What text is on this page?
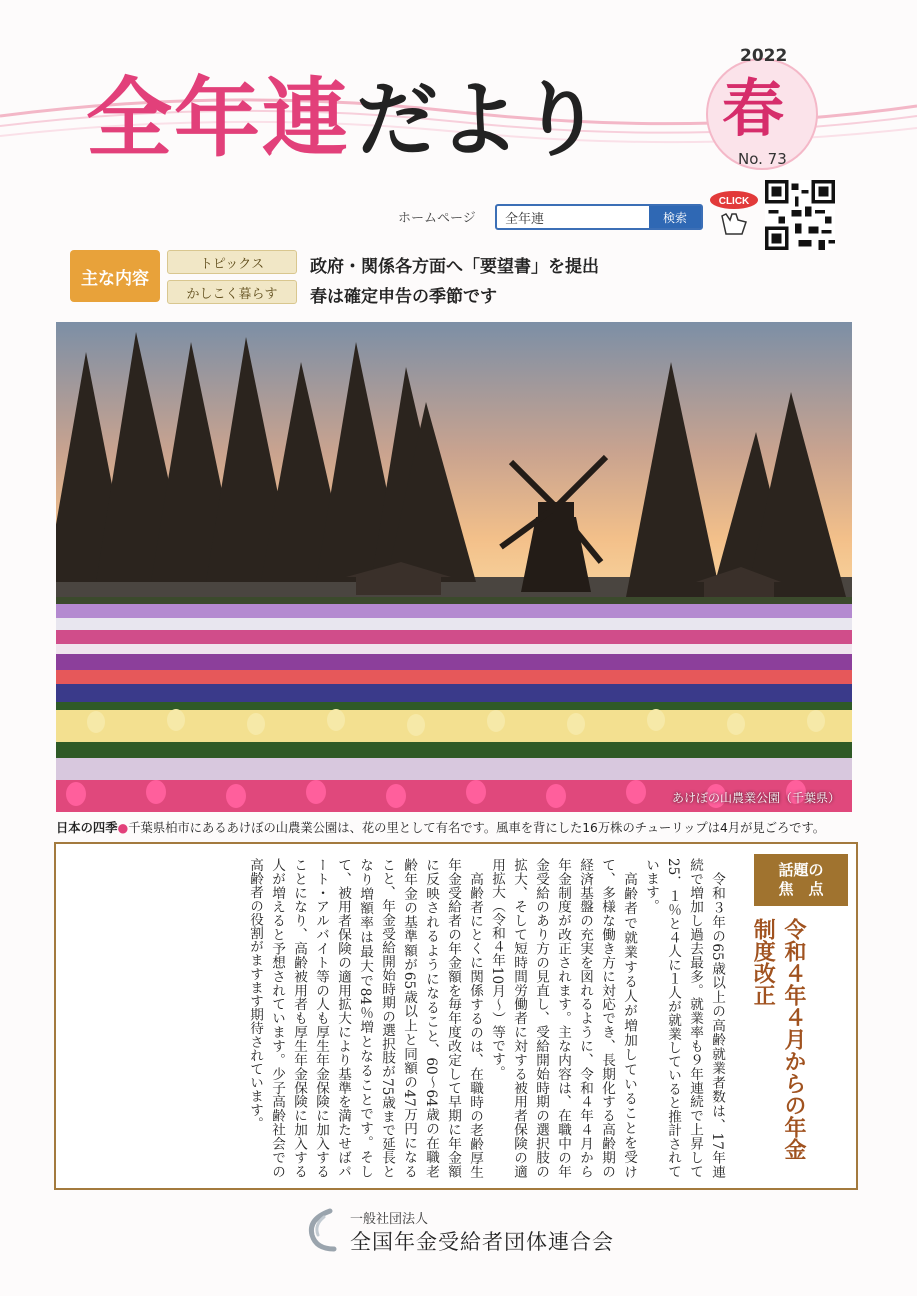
全年連 だより
2022
春
No. 73
ホームページ	全年連	検索
CLICK
主な内容
トピックス
かしこく暮らす
政府・関係各方面へ「要望書」を提出
春は確定申告の季節です
あけぼの山農業公園（千葉県）
日本の四季●千葉県柏市にあるあけぼの山農業公園は、花の里として有名です。風車を背にした16万株のチューリップは4月が見ごろです。
話題の
焦　点
令和４年４月からの年金制度改正

令和３年の65歳以上の高齢就業者数は、17年連続で増加し過去最多。就業率も９年連続で上昇して25．１％と４人に１人が就業していると推計されています。

高齢者で就業する人が増加していることを受けて、多様な働き方に対応でき、長期化する高齢期の経済基盤の充実を図れるように、令和４年４月から年金制度が改正されます。主な内容は、在職中の年金受給のあり方の見直し、受給開始時期の選択肢の拡大、そして短時間労働者に対する被用者保険の適用拡大（令和４年10月～）等です。

高齢者にとくに関係するのは、在職時の老齢厚生年金受給者の年金額を毎年度改定して早期に年金額に反映されるようになること、60～64歳の在職老齢年金の基準額が65歳以上と同額の47万円になること、年金受給開始時期の選択肢が75歳まで延長となり増額率は最大で84％増となることです。そして、被用者保険の適用拡大により基準を満たせばパート・アルバイト等の人も厚生年金保険に加入することになり、高齢被用者も厚生年金保険に加入する人が増えると予想されています。少子高齢社会での高齢者の役割がますます期待されています。

一般社団法人
全国年金受給者団体連合会
